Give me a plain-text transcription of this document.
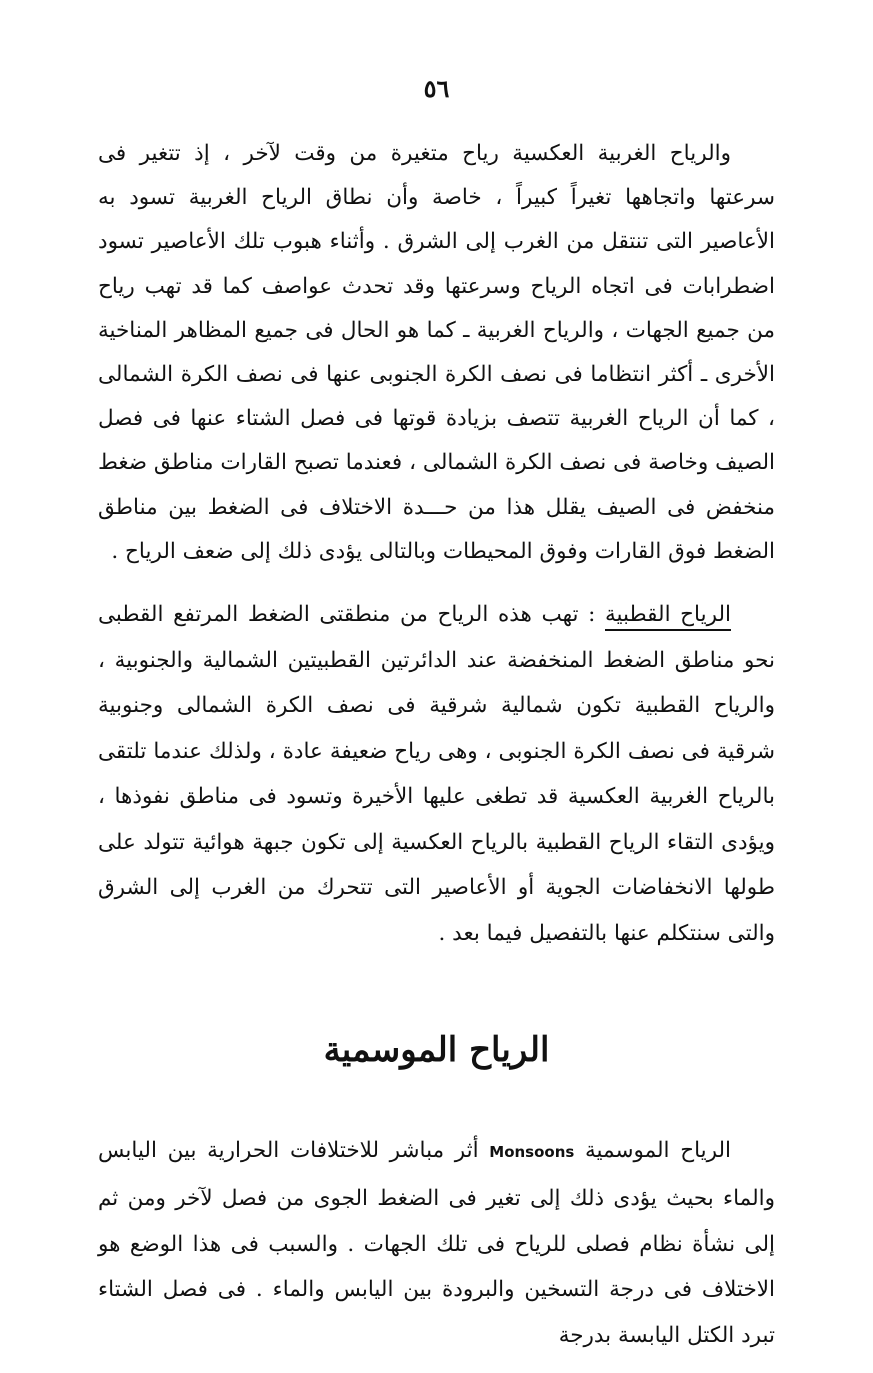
٥٦

والرياح الغربية العكسية رياح متغيرة من وقت لآخر ، إذ تتغير فى سرعتها واتجاهها تغيراً كبيراً ، خاصة وأن نطاق الرياح الغربية تسود به الأعاصير التى تنتقل من الغرب إلى الشرق . وأثناء هبوب تلك الأعاصير تسود اضطرابات فى اتجاه الرياح وسرعتها وقد تحدث عواصف كما قد تهب رياح من جميع الجهات ، والرياح الغربية ـ كما هو الحال فى جميع المظاهر المناخية الأخرى ـ أكثر انتظاما فى نصف الكرة الجنوبى عنها فى نصف الكرة الشمالى ، كما أن الرياح الغربية تتصف بزيادة قوتها فى فصل الشتاء عنها فى فصل الصيف وخاصة فى نصف الكرة الشمالى ، فعندما تصبح القارات مناطق ضغط منخفض فى الصيف يقلل هذا من حـــدة الاختلاف فى الضغط بين مناطق الضغط فوق القارات وفوق المحيطات وبالتالى يؤدى ذلك إلى ضعف الرياح .

الرياح القطبية : تهب هذه الرياح من منطقتى الضغط المرتفع القطبى نحو مناطق الضغط المنخفضة عند الدائرتين القطبيتين الشمالية والجنوبية ، والرياح القطبية تكون شمالية شرقية فى نصف الكرة الشمالى وجنوبية شرقية فى نصف الكرة الجنوبى ، وهى رياح ضعيفة عادة ، ولذلك عندما تلتقى بالرياح الغربية العكسية قد تطغى عليها الأخيرة وتسود فى مناطق نفوذها ، ويؤدى التقاء الرياح القطبية بالرياح العكسية إلى تكون جبهة هوائية تتولد على طولها الانخفاضات الجوية أو الأعاصير التى تتحرك من الغرب إلى الشرق والتى سنتكلم عنها بالتفصيل فيما بعد .

الرياح الموسمية

الرياح الموسمية Monsoons أثر مباشر للاختلافات الحرارية بين اليابس والماء بحيث يؤدى ذلك إلى تغير فى الضغط الجوى من فصل لآخر ومن ثم إلى نشأة نظام فصلى للرياح فى تلك الجهات . والسبب فى هذا الوضع هو الاختلاف فى درجة التسخين والبرودة بين اليابس والماء . فى فصل الشتاء تبرد الكتل اليابسة بدرجة
